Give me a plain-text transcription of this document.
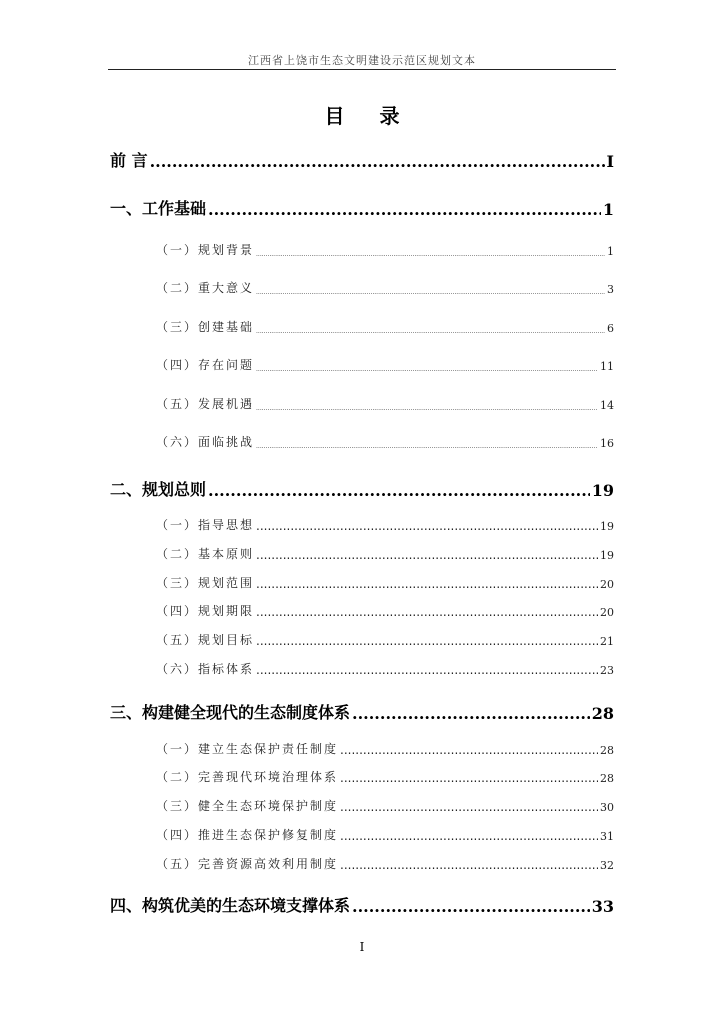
江西省上饶市生态文明建设示范区规划文本
目 录
前 言 .....	I
一、工作基础 .....	1
（一）规划背景 .....	1
（二）重大意义 .....	3
（三）创建基础 .....	6
（四）存在问题 .....	11
（五）发展机遇 .....	14
（六）面临挑战 .....	16
二、规划总则 .....	19
（一）指导思想 .....	19
（二）基本原则 .....	19
（三）规划范围 .....	20
（四）规划期限 .....	20
（五）规划目标 .....	21
（六）指标体系 .....	23
三、构建健全现代的生态制度体系 .....	28
（一）建立生态保护责任制度 .....	28
（二）完善现代环境治理体系 .....	28
（三）健全生态环境保护制度 .....	30
（四）推进生态保护修复制度 .....	31
（五）完善资源高效利用制度 .....	32
四、构筑优美的生态环境支撑体系 .....	33
I
